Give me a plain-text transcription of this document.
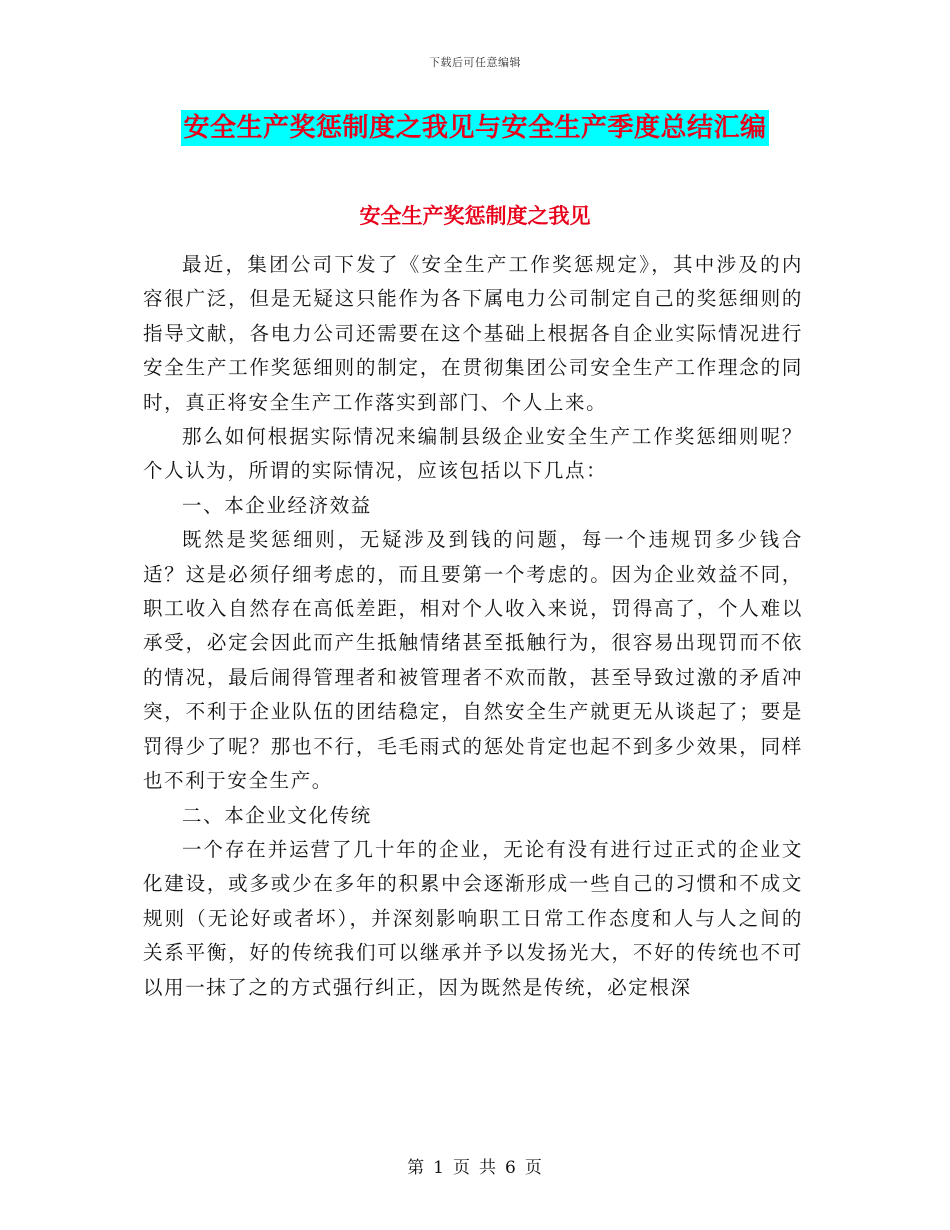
下载后可任意编辑
安全生产奖惩制度之我见与安全生产季度总结汇编
安全生产奖惩制度之我见

最近，集团公司下发了《安全生产工作奖惩规定》，其中涉及的内容很广泛，但是无疑这只能作为各下属电力公司制定自己的奖惩细则的指导文献，各电力公司还需要在这个基础上根据各自企业实际情况进行安全生产工作奖惩细则的制定，在贯彻集团公司安全生产工作理念的同时，真正将安全生产工作落实到部门、个人上来。

那么如何根据实际情况来编制县级企业安全生产工作奖惩细则呢？个人认为，所谓的实际情况，应该包括以下几点：

一、本企业经济效益

既然是奖惩细则，无疑涉及到钱的问题，每一个违规罚多少钱合适？这是必须仔细考虑的，而且要第一个考虑的。因为企业效益不同，职工收入自然存在高低差距，相对个人收入来说，罚得高了，个人难以承受，必定会因此而产生抵触情绪甚至抵触行为，很容易出现罚而不依的情况，最后闹得管理者和被管理者不欢而散，甚至导致过激的矛盾冲突，不利于企业队伍的团结稳定，自然安全生产就更无从谈起了；要是罚得少了呢？那也不行，毛毛雨式的惩处肯定也起不到多少效果，同样也不利于安全生产。

二、本企业文化传统

一个存在并运营了几十年的企业，无论有没有进行过正式的企业文化建设，或多或少在多年的积累中会逐渐形成一些自己的习惯和不成文规则（无论好或者坏），并深刻影响职工日常工作态度和人与人之间的关系平衡，好的传统我们可以继承并予以发扬光大，不好的传统也不可以用一抹了之的方式强行纠正，因为既然是传统，必定根深

第 1 页 共 6 页
